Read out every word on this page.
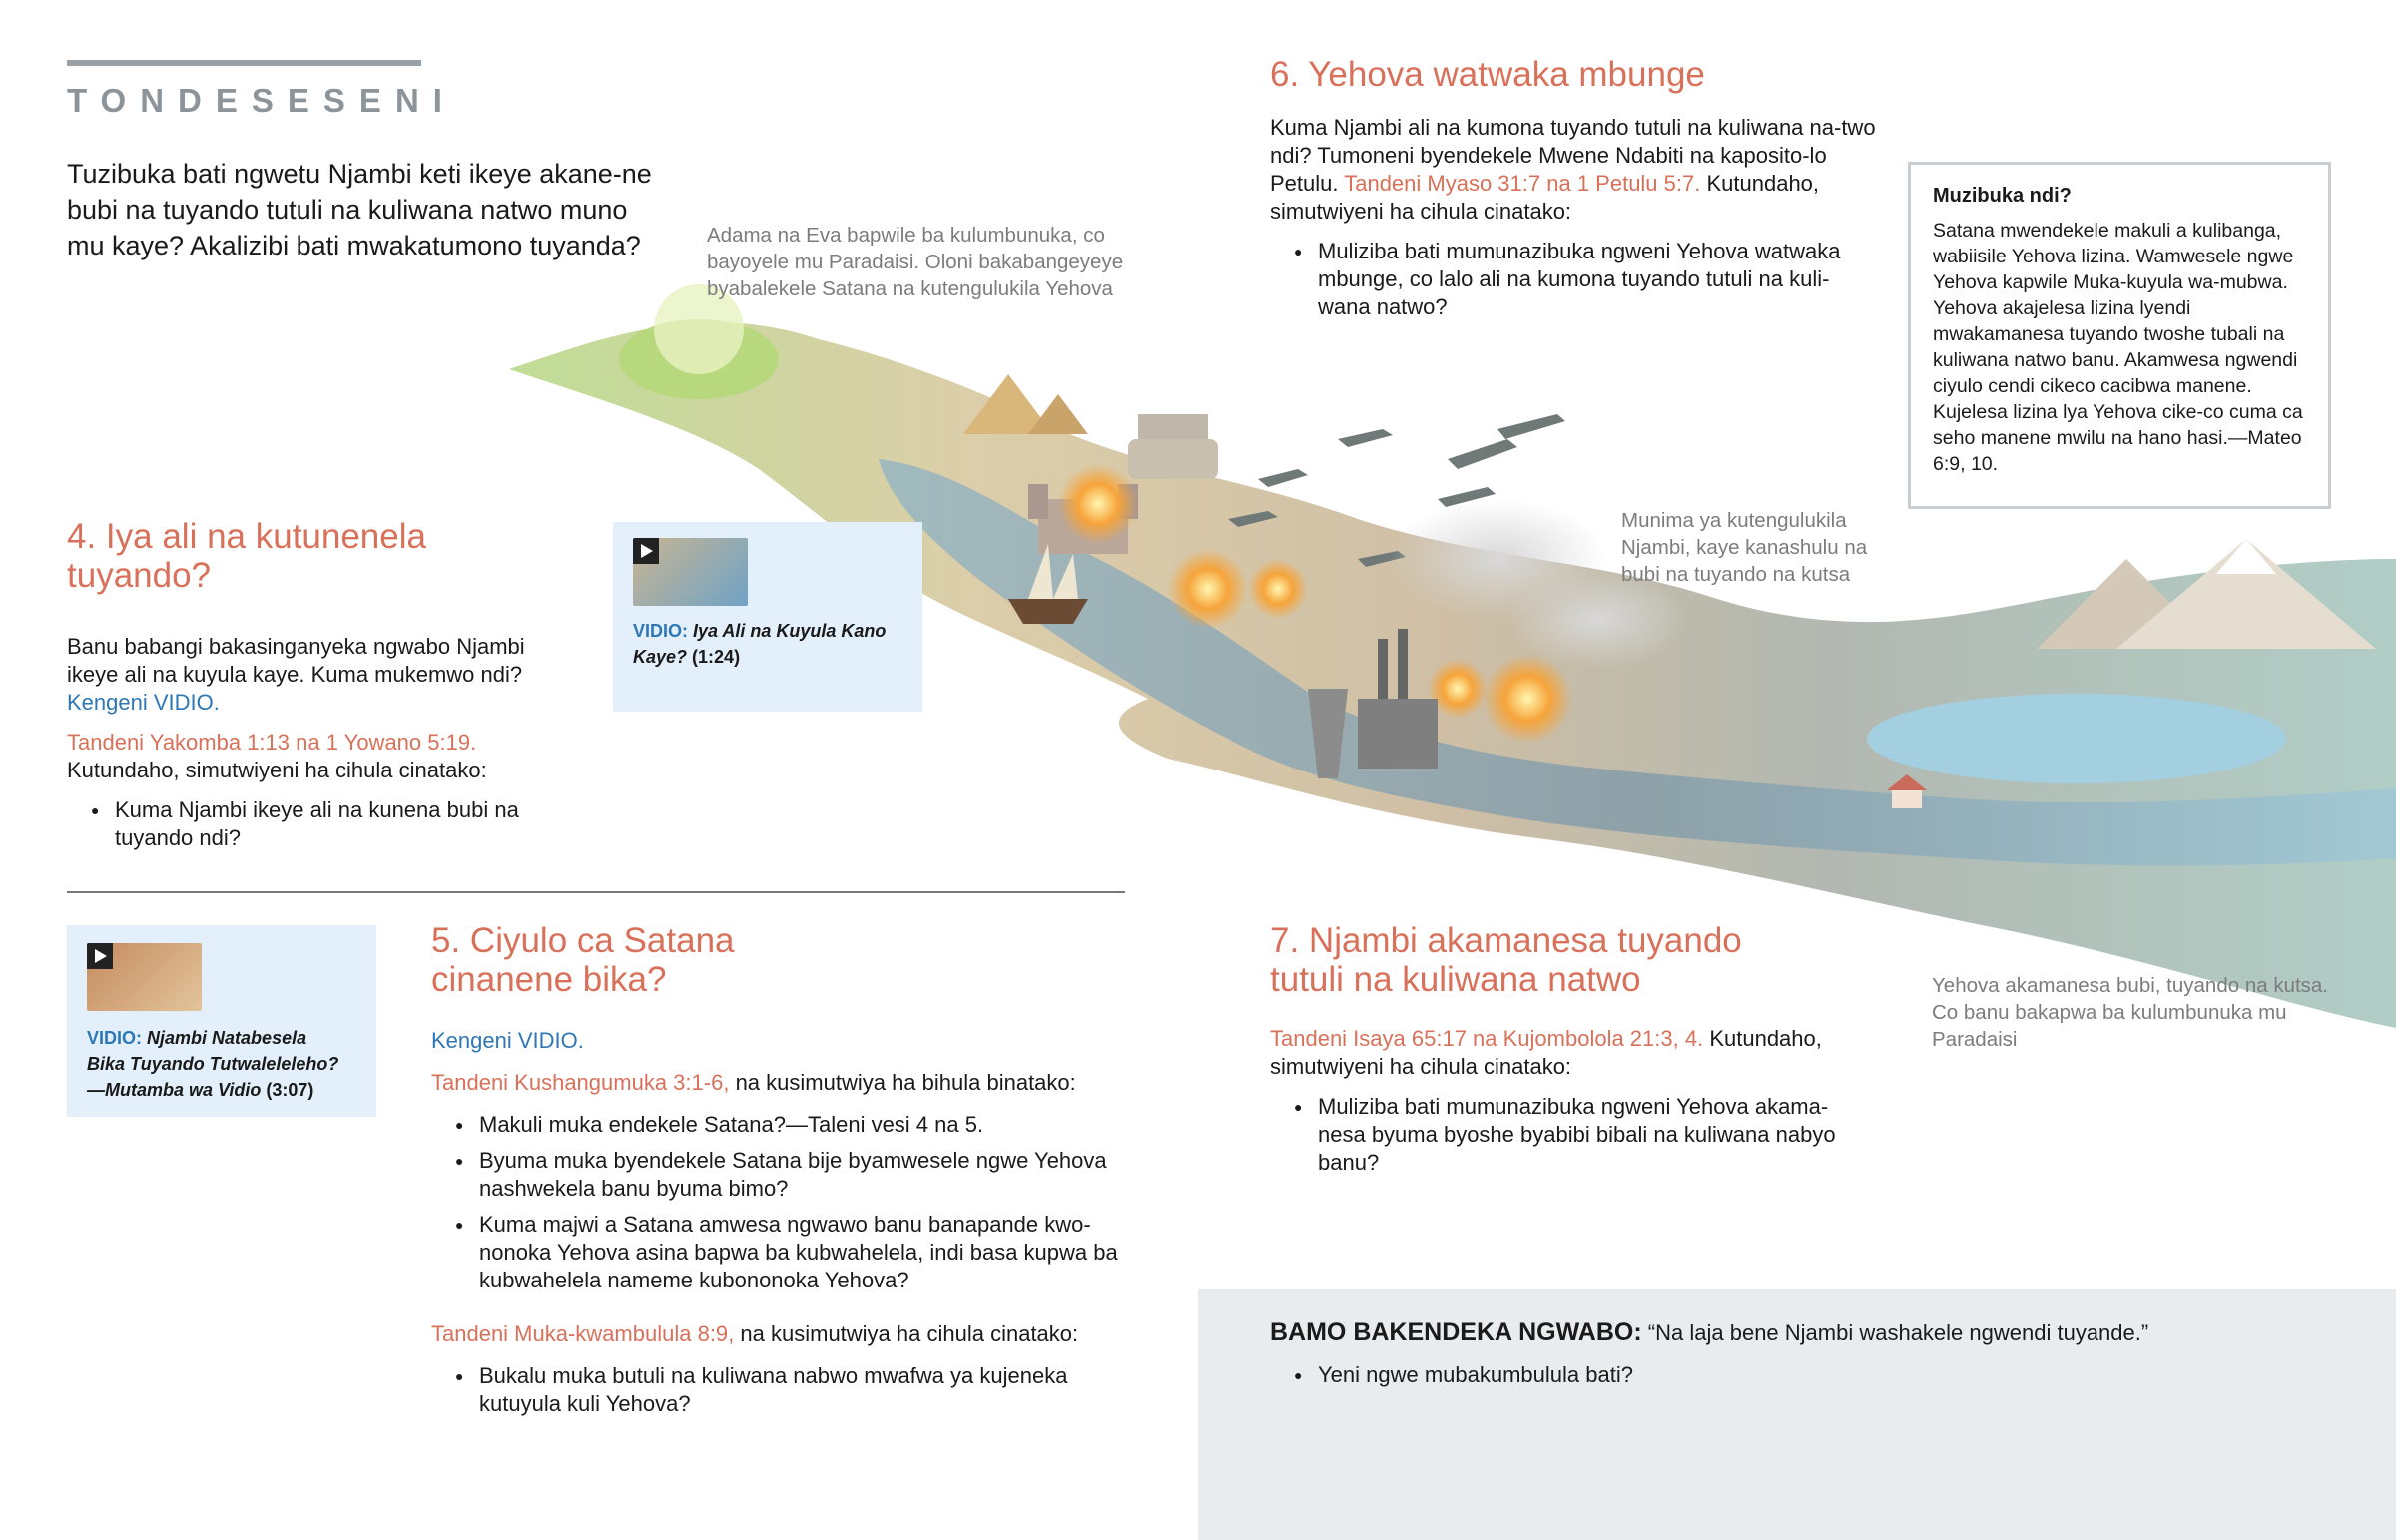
TONDESESENI
Tuzibuka bati ngwetu Njambi keti ikeye akane-ne bubi na tuyando tutuli na kuliwana natwo muno mu kaye? Akalizibi bati mwakatumono tuyanda?	Adama na Eva bapwile ba kulumbunuka, co bayoyele mu Paradaisi. Oloni bakabangeyeye byabalekele Satana na kutengulukila Yehova
Munima ya kutengulukila Njambi, kaye kanashulu na bubi na tuyando na kutsa
Yehova akamanesa bubi, tuyando na kutsa. Co banu bakapwa ba kulumbunuka mu Paradaisi
4. Iya ali na kutunenela tuyando?

Banu babangi bakasinganyeka ngwabo Njambi ikeye ali na kuyula kaye. Kuma mukemwo ndi?
Kengeni VIDIO.

Tandeni Yakomba 1:13 na 1 Yowano 5:19.
Kutundaho, simutwiyeni ha cihula cinatako:

● Kuma Njambi ikeye ali na kunena bubi na tuyando ndi?
VIDIO: Iya Ali na Kuyula Kano Kaye? (1:24)
VIDIO: Njambi Natabesela Bika Tuyando Tutwaleleleho?—Mutamba wa Vidio (3:07)
5. Ciyulo ca Satana cinanene bika?

Kengeni VIDIO.

Tandeni Kushangumuka 3:1-6, na kusimutwiya ha bihula binatako:

● Makuli muka endekele Satana?—Taleni vesi 4 na 5.
● Byuma muka byendekele Satana bije byamwesele ngwe Yehova nashwekela banu byuma bimo?
● Kuma majwi a Satana amwesa ngwawo banu banapande kwo-nonoka Yehova asina bapwa ba kubwahelela, indi basa kupwa ba kubwahelela nameme kubononoka Yehova?

Tandeni Muka-kwambulula 8:9, na kusimutwiya ha cihula cinatako:

● Bukalu muka butuli na kuliwana nabwo mwafwa ya kujeneka kutuyula kuli Yehova?
6. Yehova watwaka mbunge

Kuma Njambi ali na kumona tuyando tutuli na kuliwana na-two ndi? Tumoneni byendekele Mwene Ndabiti na kaposito-lo Petulu. Tandeni Myaso 31:7 na 1 Petulu 5:7. Kutundaho, simutwiyeni ha cihula cinatako:

● Muliziba bati mumunazibuka ngweni Yehova watwaka mbunge, co lalo ali na kumona tuyando tutuli na kuli-wana natwo?
Muzibuka ndi?
Satana mwendekele makuli a kulibanga, wabiisile Yehova lizina. Wamwesele ngwe Yehova kapwile Muka-kuyula wa-mubwa. Yehova akajelesa lizina lyendi mwakamanesa tuyando twoshe tubali na kuliwana natwo banu. Akamwesa ngwendi ciyulo cendi cikeco cacibwa manene. Kujelesa lizina lya Yehova cike-co cuma ca seho manene mwilu na hano hasi.—Mateo 6:9, 10.
7. Njambi akamanesa tuyando tutuli na kuliwana natwo

Tandeni Isaya 65:17 na Kujombolola 21:3, 4. Kutundaho, simutwiyeni ha cihula cinatako:

● Muliziba bati mumunazibuka ngweni Yehova akama-nesa byuma byoshe byabibi bibali na kuliwana nabyo banu?
BAMO BAKENDEKA NGWABO: “Na laja bene Njambi washakele ngwendi tuyande.”
● Yeni ngwe mubakumbulula bati?
